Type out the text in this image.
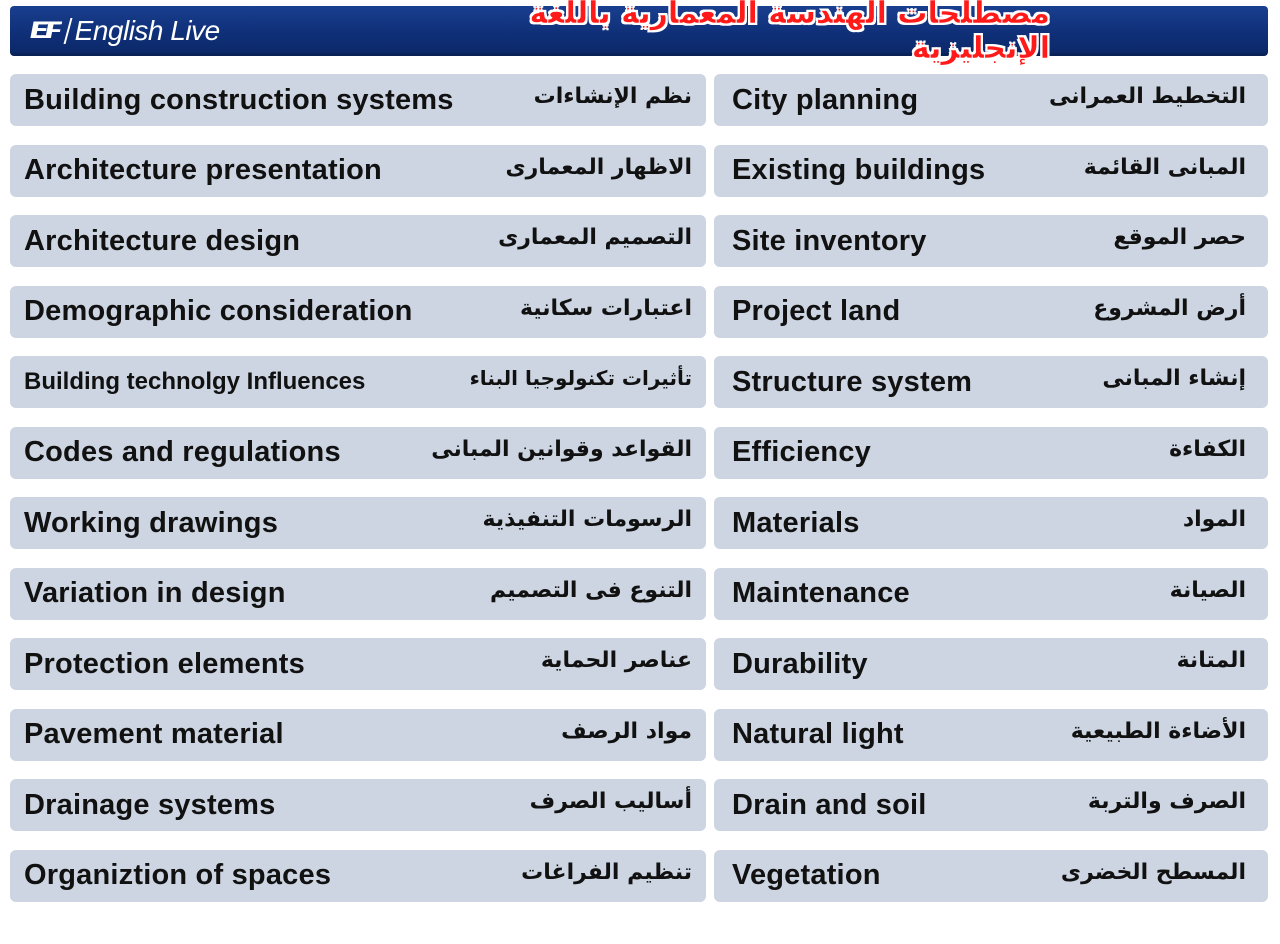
EF English Live	مصطلحات الهندسة المعمارية باللغة الإنجليزية
Building construction systems	نظم الإنشاءات City planning	التخطيط العمرانى
Architecture presentation	الاظهار المعمارى Existing buildings	المبانى القائمة
Architecture design	التصميم المعمارى Site inventory	حصر الموقع
Demographic consideration	اعتبارات سكانية Project land	أرض المشروع
Building technolgy Influences	تأثيرات تكنولوجيا البناء Structure system	إنشاء المبانى
Codes and regulations	القواعد وقوانين المبانى Efficiency	الكفاءة
Working drawings	الرسومات التنفيذية Materials	المواد
Variation in design	التنوع فى التصميم Maintenance	الصيانة
Protection elements	عناصر الحماية Durability	المتانة
Pavement material	مواد الرصف Natural light	الأضاءة الطبيعية
Drainage systems	أساليب الصرف Drain and soil	الصرف والتربة
Organiztion of spaces	تنظيم الفراغات Vegetation	المسطح الخضرى
